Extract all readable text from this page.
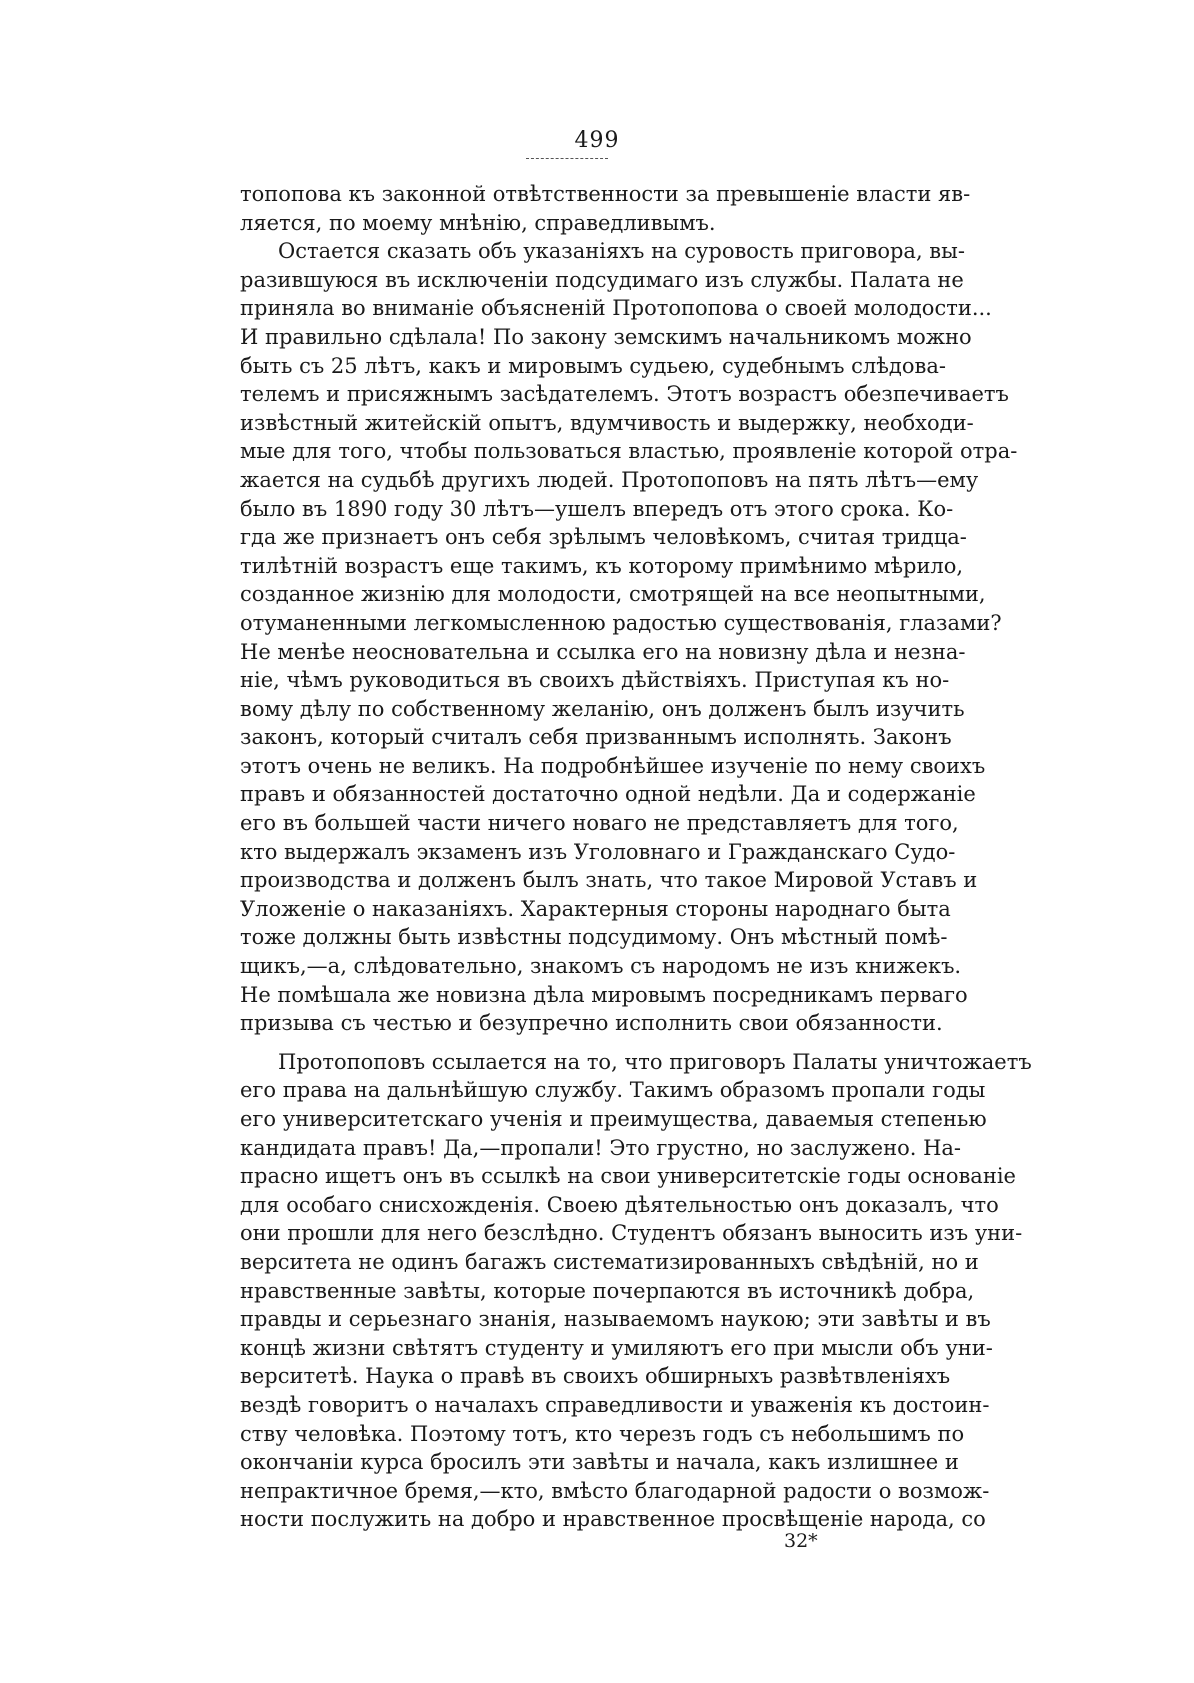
499
топопова къ законной отвѣтственности за превышеніе власти яв-
ляется, по моему мнѣнію, справедливымъ.
Остается сказать объ указаніяхъ на суровость приговора, вы-
разившуюся въ исключеніи подсудимаго изъ службы. Палата не
приняла во вниманіе объясненій Протопопова о своей молодости...
И правильно сдѣлала! По закону земскимъ начальникомъ можно
быть съ 25 лѣтъ, какъ и мировымъ судьею, судебнымъ слѣдова-
телемъ и присяжнымъ засѣдателемъ. Этотъ возрастъ обезпечиваетъ
извѣстный житейскій опытъ, вдумчивость и выдержку, необходи-
мые для того, чтобы пользоваться властью, проявленіе которой отра-
жается на судьбѣ другихъ людей. Протопоповъ на пять лѣтъ—ему
было въ 1890 году 30 лѣтъ—ушелъ впередъ отъ этого срока. Ко-
гда же признаетъ онъ себя зрѣлымъ человѣкомъ, считая тридца-
тилѣтній возрастъ еще такимъ, къ которому примѣнимо мѣрило,
созданное жизнію для молодости, смотрящей на все неопытными,
отуманенными легкомысленною радостью существованія, глазами?
Не менѣе неосновательна и ссылка его на новизну дѣла и незна-
ніе, чѣмъ руководиться въ своихъ дѣйствіяхъ. Приступая къ но-
вому дѣлу по собственному желанію, онъ долженъ былъ изучить
законъ, который считалъ себя призваннымъ исполнять. Законъ
этотъ очень не великъ. На подробнѣйшее изученіе по нему своихъ
правъ и обязанностей достаточно одной недѣли. Да и содержаніе
его въ большей части ничего новаго не представляетъ для того,
кто выдержалъ экзаменъ изъ Уголовнаго и Гражданскаго Судо-
производства и долженъ былъ знать, что такое Мировой Уставъ и
Уложеніе о наказаніяхъ. Характерныя стороны народнаго быта
тоже должны быть извѣстны подсудимому. Онъ мѣстный помѣ-
щикъ,—а, слѣдовательно, знакомъ съ народомъ не изъ книжекъ.
Не помѣшала же новизна дѣла мировымъ посредникамъ перваго
призыва съ честью и безупречно исполнить свои обязанности.
Протопоповъ ссылается на то, что приговоръ Палаты уничтожаетъ
его права на дальнѣйшую службу. Такимъ образомъ пропали годы
его университетскаго ученія и преимущества, даваемыя степенью
кандидата правъ! Да,—пропали! Это грустно, но заслужено. На-
прасно ищетъ онъ въ ссылкѣ на свои университетскіе годы основаніе
для особаго снисхожденія. Своею дѣятельностью онъ доказалъ, что
они прошли для него безслѣдно. Студентъ обязанъ выносить изъ уни-
верситета не одинъ багажъ систематизированныхъ свѣдѣній, но и
нравственные завѣты, которые почерпаются въ источникѣ добра,
правды и серьезнаго знанія, называемомъ наукою; эти завѣты и въ
концѣ жизни свѣтятъ студенту и умиляютъ его при мысли объ уни-
верситетѣ. Наука о правѣ въ своихъ обширныхъ развѣтвленіяхъ
вездѣ говоритъ о началахъ справедливости и уваженія къ достоин-
ству человѣка. Поэтому тотъ, кто черезъ годъ съ небольшимъ по
окончаніи курса бросилъ эти завѣты и начала, какъ излишнее и
непрактичное бремя,—кто, вмѣсто благодарной радости о возмож-
ности послужить на добро и нравственное просвѣщеніе народа, со
32*
